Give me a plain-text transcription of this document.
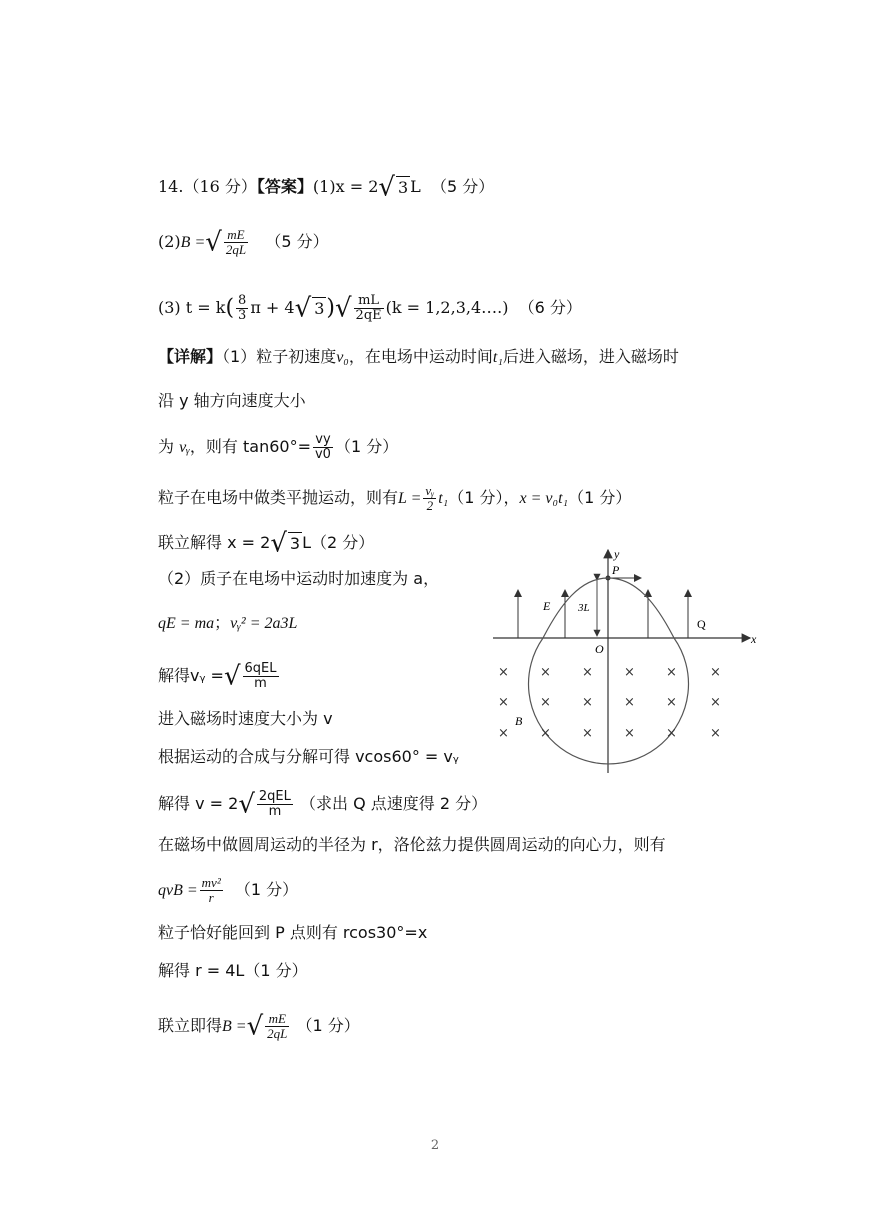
14.（16 分）【答案】(1)x = 2√ 3 L （5 分）
(2)B =√ $\frac{mE}{2qL} (5$ 分）
(3) $t = k( \frac{8}{3}$ π + 4√ $3)√ \frac{mL}{2qE} (k$ = 1,2,3,4….) （6 分）
【详解】（1）粒子初速度v₀，在电场中运动时间t₁后进入磁场，进入磁场时
沿 y 轴方向速度大小
为 vᵧ，则有 $\tan 60^\circ= \frac{vy}{v0} (1$ 分）
粒子在电场中做类平抛运动，则有$L = \frac{\text{vᵧ}}{2} t_1(1$ 分），x = v₀t₁（1 分）
联立解得 x = 2√ 3 L（2 分）
（2）质子在电场中运动时加速度为 a，
qE = ma；vᵧ² = 2a3L
解得vᵧ =√ $\frac{\text{6qEL}}{m}$
进入磁场时速度大小为 v
根据运动的合成与分解可得 vcos60° = vᵧ
解得 $v = 2√ \frac{\text{2qEL}}{m}$ （求出 Q 点速度得 2 分）
在磁场中做圆周运动的半径为 r，洛伦兹力提供圆周运动的向心力，则有
qvB = $\frac{\text{mv²}}{r} (1$ 分）
粒子恰好能回到 P 点则有 rcos30°=x
解得 r = 4L（1 分）
联立即得B =√ $\frac{mE}{2qL} (1$ 分）
x
y
E
Q
O
P
3L
× × × × ×	×
× × × × ×	×
× × × × ×	×
B
2
